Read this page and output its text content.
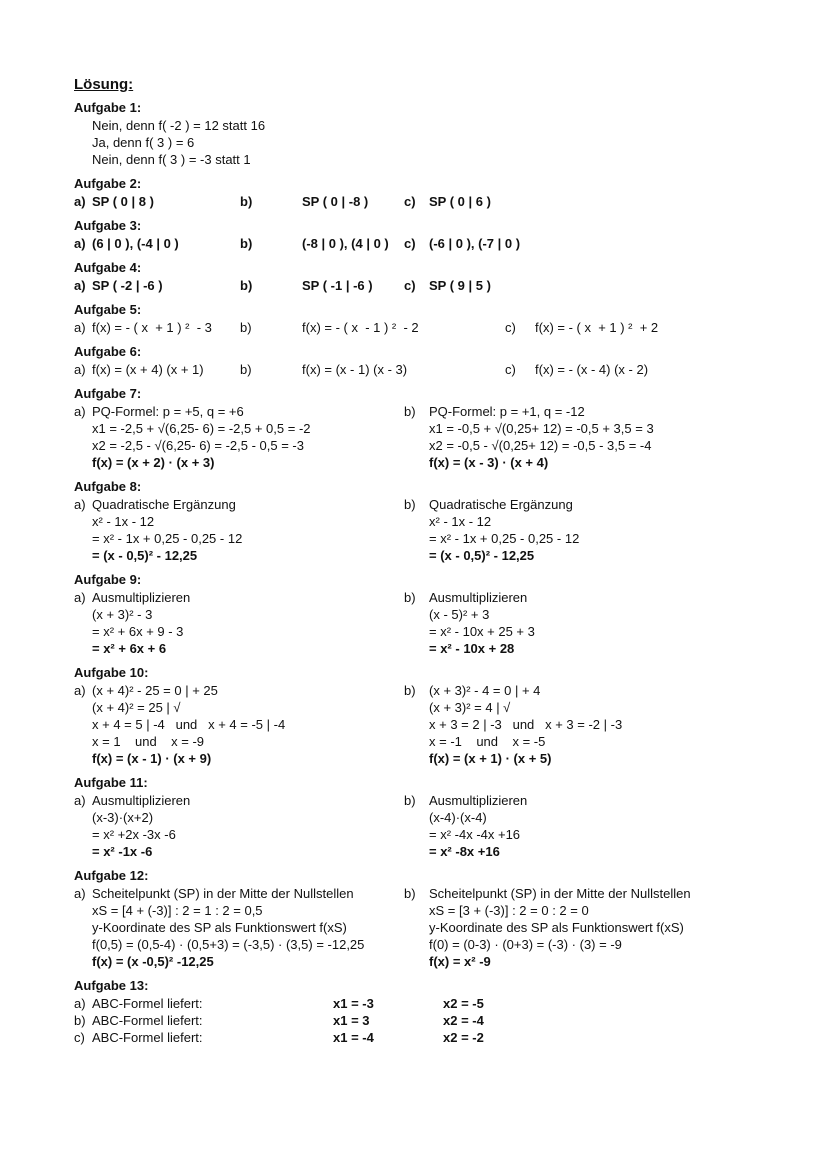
Lösung:
Aufgabe 1:
Nein, denn f( -2 ) = 12 statt 16
Ja, denn f( 3 ) = 6
Nein, denn f( 3 ) = -3 statt 1
Aufgabe 2:
a) SP ( 0 | 8 )	b)	SP ( 0 | -8 )	c) SP ( 0 | 6 )
Aufgabe 3:
a) (6 | 0 ), (-4 | 0 )	b)	(-8 | 0 ), (4 | 0 ) c) (-6 | 0 ), (-7 | 0 )
Aufgabe 4:
a) SP ( -2 | -6 )	b)	SP ( -1 | -6 ) c) SP ( 9 | 5 )
Aufgabe 5:
a) f(x) = - ( x  + 1 ) ²  - 3 b)	f(x) = - ( x  - 1 ) ²  - 2	c) f(x) = - ( x  + 1 ) ²  + 2
Aufgabe 6:
a) f(x) = (x + 4) (x + 1)	b)	f(x) = (x - 1) (x - 3)	c) f(x) = - (x - 4) (x - 2)
Aufgabe 7:
a) PQ-Formel: p = +5, q = +6
x1 = -2,5 + √(6,25- 6) = -2,5 + 0,5 = -2
x2 = -2,5 - √(6,25- 6) = -2,5 - 0,5 = -3
f(x) = (x + 2) · (x + 3)
b) PQ-Formel: p = +1, q = -12
x1 = -0,5 + √(0,25+ 12) = -0,5 + 3,5 = 3
x2 = -0,5 - √(0,25+ 12) = -0,5 - 3,5 = -4
f(x) = (x - 3) · (x + 4)
Aufgabe 8:
a) Quadratische Ergänzung
x² - 1x - 12
= x² - 1x + 0,25 - 0,25 - 12
= (x - 0,5)² - 12,25
b) Quadratische Ergänzung
x² - 1x - 12
= x² - 1x + 0,25 - 0,25 - 12
= (x - 0,5)² - 12,25
Aufgabe 9:
a) Ausmultiplizieren
(x + 3)² - 3
= x² + 6x + 9 - 3
= x² + 6x + 6
b) Ausmultiplizieren
(x - 5)² + 3
= x² - 10x + 25 + 3
= x² - 10x + 28
Aufgabe 10:
a) (x + 4)² - 25 = 0 | + 25
(x + 4)² = 25 | √
x + 4 = 5 | -4   und   x + 4 = -5 | -4
x = 1    und    x = -9
f(x) = (x - 1) · (x + 9)
b) (x + 3)² - 4 = 0 | + 4
(x + 3)² = 4 | √
x + 3 = 2 | -3   und   x + 3 = -2 | -3
x = -1    und    x = -5
f(x) = (x + 1) · (x + 5)
Aufgabe 11:
a) Ausmultiplizieren
(x-3)·(x+2)
= x² +2x -3x -6
= x² -1x -6
b) Ausmultiplizieren
(x-4)·(x-4)
= x² -4x -4x +16
= x² -8x +16
Aufgabe 12:
a) Scheitelpunkt (SP) in der Mitte der Nullstellen
xS = [4 + (-3)] : 2 = 1 : 2 = 0,5
y-Koordinate des SP als Funktionswert f(xS)
f(0,5) = (0,5-4) · (0,5+3) = (-3,5) · (3,5) = -12,25
f(x) = (x -0,5)² -12,25
b) Scheitelpunkt (SP) in der Mitte der Nullstellen
xS = [3 + (-3)] : 2 = 0 : 2 = 0
y-Koordinate des SP als Funktionswert f(xS)
f(0) = (0-3) · (0+3) = (-3) · (3) = -9
f(x) = x² -9
Aufgabe 13:
a) ABC-Formel liefert:	x1 = -3	x2 = -5
b) ABC-Formel liefert:	x1 = 3	x2 = -4
c) ABC-Formel liefert:	x1 = -4	x2 = -2
